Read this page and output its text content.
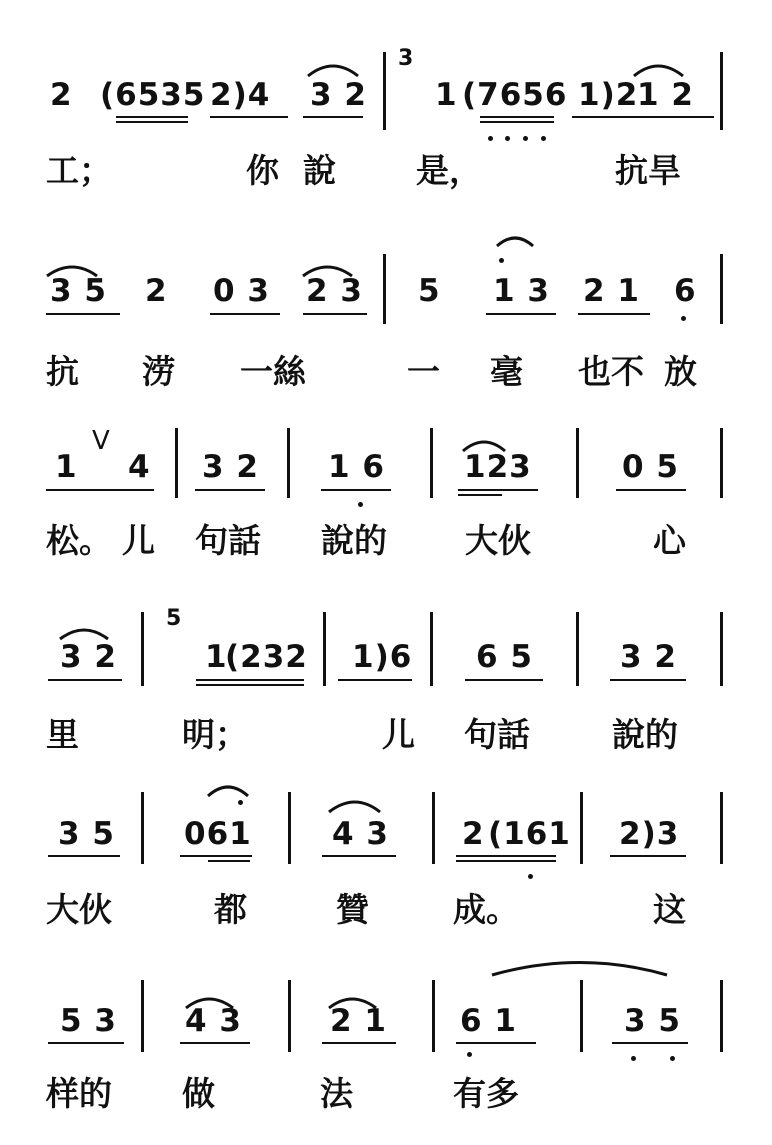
2 (6535 2)4 3 2
3
1 (7656 1)2
1 2
工；	你 說 是，	抗旱
3 5 2 0 3 2 3 5 1 3 2 1 6
抗 涝 一絲	一 毫 也不 放
1
V
4 3 2 1 6	123	0 5
松。 儿 句話 說的 大伙	心
3 2
5
1
(232 1)6 6 5	3 2
里	明；	儿 句話 說的
3 5 061	4 3 2 (161 2)3
大伙	都	贊	成。	这
5 3 4 3	2 1 6 1	3 5
样的 做	法	有多
